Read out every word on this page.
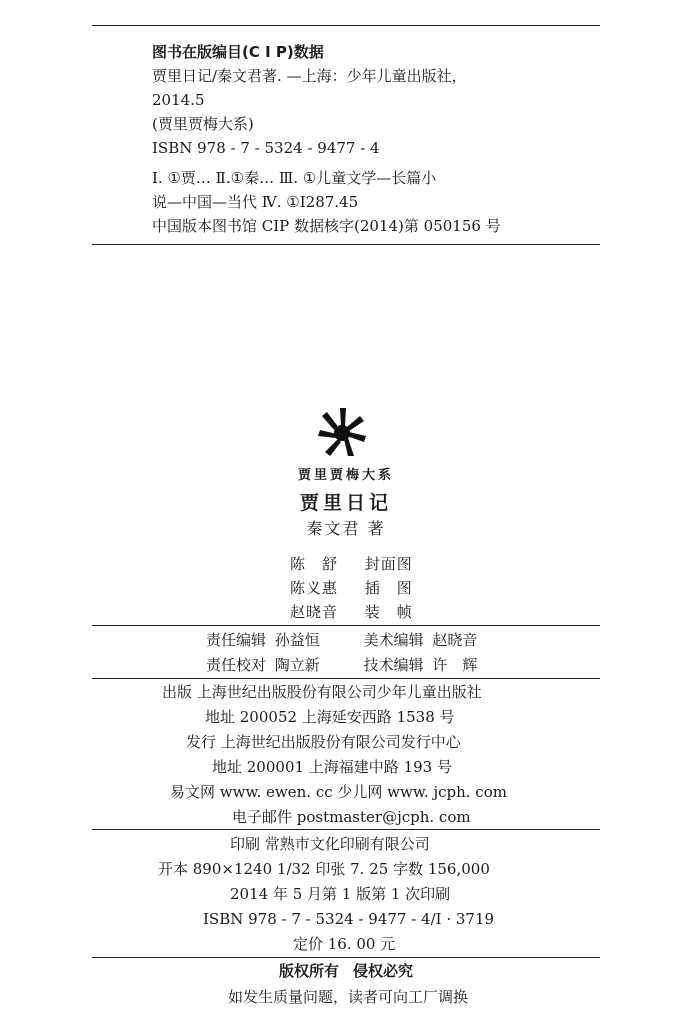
图书在版编目(C I P)数据
贾里日记/秦文君著. —上海：少年儿童出版社，
2014.5
(贾里贾梅大系)
ISBN 978 - 7 - 5324 - 9477 - 4
Ⅰ. ①贾… Ⅱ.①秦… Ⅲ. ①儿童文学—长篇小
说—中国—当代 Ⅳ. ①I287.45
中国版本图书馆 CIP 数据核字(2014)第 050156 号
贾里贾梅大系
贾里日记
秦文君 著
陈　舒 封面图
陈义惠 插　图
赵晓音 装　帧
责任编辑 孙益恒	美术编辑 赵晓音
责任校对 陶立新	技术编辑 许　辉
出版 上海世纪出版股份有限公司少年儿童出版社
地址 200052 上海延安西路 1538 号
发行 上海世纪出版股份有限公司发行中心
地址 200001 上海福建中路 193 号
易文网 www. ewen. cc 少儿网 www. jcph. com
电子邮件 postmaster@jcph. com
印刷 常熟市文化印刷有限公司
开本 890×1240 1/32 印张 7. 25 字数 156,000
2014 年 5 月第 1 版第 1 次印刷
ISBN 978 - 7 - 5324 - 9477 - 4/I · 3719
定价 16. 00 元
版权所有 侵权必究
如发生质量问题，读者可向工厂调换
